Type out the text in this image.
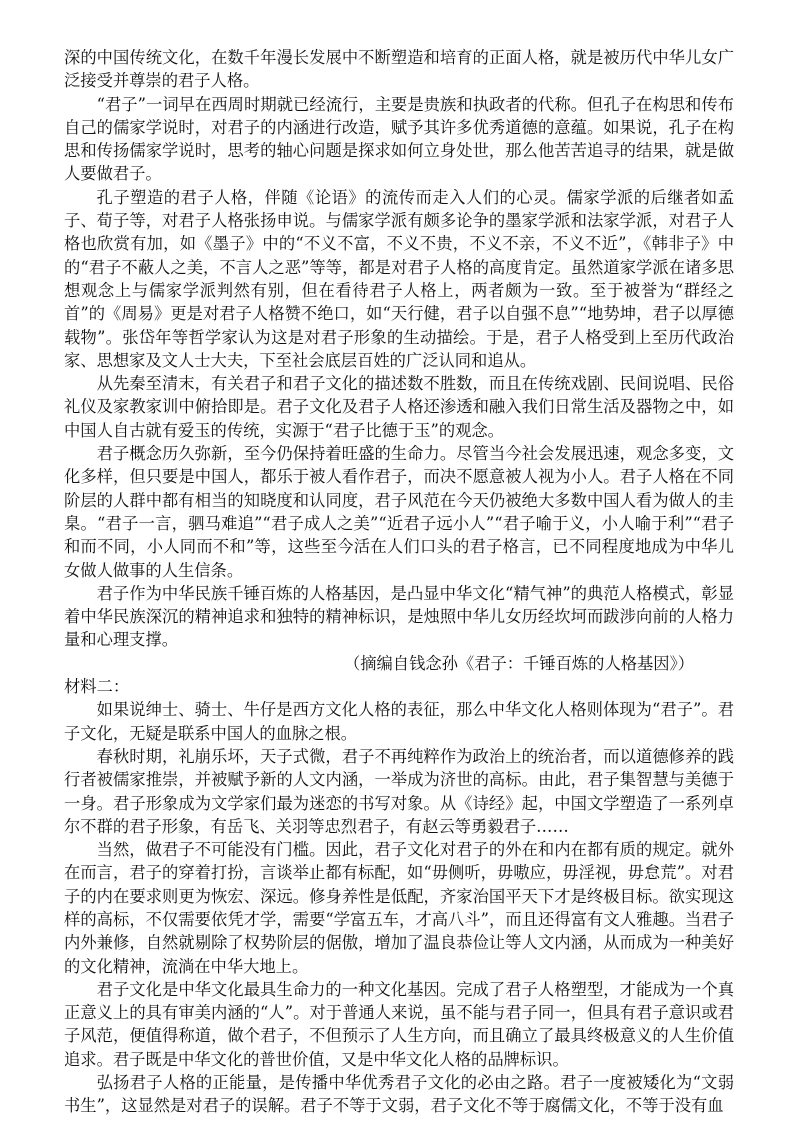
深的中国传统文化，在数千年漫长发展中不断塑造和培育的正面人格，就是被历代中华儿女广泛接受并尊崇的君子人格。

“君子”一词早在西周时期就已经流行，主要是贵族和执政者的代称。但孔子在构思和传布自己的儒家学说时，对君子的内涵进行改造，赋予其许多优秀道德的意蕴。如果说，孔子在构思和传扬儒家学说时，思考的轴心问题是探求如何立身处世，那么他苦苦追寻的结果，就是做人要做君子。

孔子塑造的君子人格，伴随《论语》的流传而走入人们的心灵。儒家学派的后继者如孟子、荀子等，对君子人格张扬申说。与儒家学派有颇多论争的墨家学派和法家学派，对君子人格也欣赏有加，如《墨子》中的“不义不富，不义不贵，不义不亲，不义不近”，《韩非子》中的“君子不蔽人之美，不言人之恶”等等，都是对君子人格的高度肯定。虽然道家学派在诸多思想观念上与儒家学派判然有别，但在看待君子人格上，两者颇为一致。至于被誉为“群经之首”的《周易》更是对君子人格赞不绝口，如“天行健，君子以自强不息”“地势坤，君子以厚德载物”。张岱年等哲学家认为这是对君子形象的生动描绘。于是，君子人格受到上至历代政治家、思想家及文人士大夫，下至社会底层百姓的广泛认同和追从。

从先秦至清末，有关君子和君子文化的描述数不胜数，而且在传统戏剧、民间说唱、民俗礼仪及家教家训中俯拾即是。君子文化及君子人格还渗透和融入我们日常生活及器物之中，如中国人自古就有爱玉的传统，实源于“君子比德于玉”的观念。

君子概念历久弥新，至今仍保持着旺盛的生命力。尽管当今社会发展迅速，观念多变，文化多样，但只要是中国人，都乐于被人看作君子，而决不愿意被人视为小人。君子人格在不同阶层的人群中都有相当的知晓度和认同度，君子风范在今天仍被绝大多数中国人看为做人的圭臬。“君子一言，驷马难追”“君子成人之美”“近君子远小人”“君子喻于义，小人喻于利”“君子和而不同，小人同而不和”等，这些至今活在人们口头的君子格言，已不同程度地成为中华儿女做人做事的人生信条。

君子作为中华民族千锤百炼的人格基因，是凸显中华文化“精气神”的典范人格模式，彰显着中华民族深沉的精神追求和独特的精神标识，是烛照中华儿女历经坎坷而跋涉向前的人格力量和心理支撑。

（摘编自钱念孙《君子：千锤百炼的人格基因》）

材料二：

如果说绅士、骑士、牛仔是西方文化人格的表征，那么中华文化人格则体现为“君子”。君子文化，无疑是联系中国人的血脉之根。

春秋时期，礼崩乐坏，天子式微，君子不再纯粹作为政治上的统治者，而以道德修养的践行者被儒家推崇，并被赋予新的人文内涵，一举成为济世的高标。由此，君子集智慧与美德于一身。君子形象成为文学家们最为迷恋的书写对象。从《诗经》起，中国文学塑造了一系列卓尔不群的君子形象，有岳飞、关羽等忠烈君子，有赵云等勇毅君子……

当然，做君子不可能没有门槛。因此，君子文化对君子的外在和内在都有质的规定。就外在而言，君子的穿着打扮，言谈举止都有标配，如“毋侧听，毋嗷应，毋淫视，毋怠荒”。对君子的内在要求则更为恢宏、深远。修身养性是低配，齐家治国平天下才是终极目标。欲实现这样的高标，不仅需要依凭才学，需要“学富五车，才高八斗”，而且还得富有文人雅趣。当君子内外兼修，自然就剔除了权势阶层的倨傲，增加了温良恭俭让等人文内涵，从而成为一种美好的文化精神，流淌在中华大地上。

君子文化是中华文化最具生命力的一种文化基因。完成了君子人格塑型，才能成为一个真正意义上的具有审美内涵的“人”。对于普通人来说，虽不能与君子同一，但具有君子意识或君子风范，便值得称道，做个君子，不但预示了人生方向，而且确立了最具终极意义的人生价值追求。君子既是中华文化的普世价值，又是中华文化人格的品牌标识。

弘扬君子人格的正能量，是传播中华优秀君子文化的必由之路。君子一度被矮化为“文弱书生”，这显然是对君子的误解。君子不等于文弱，君子文化不等于腐儒文化，不等于没有血
